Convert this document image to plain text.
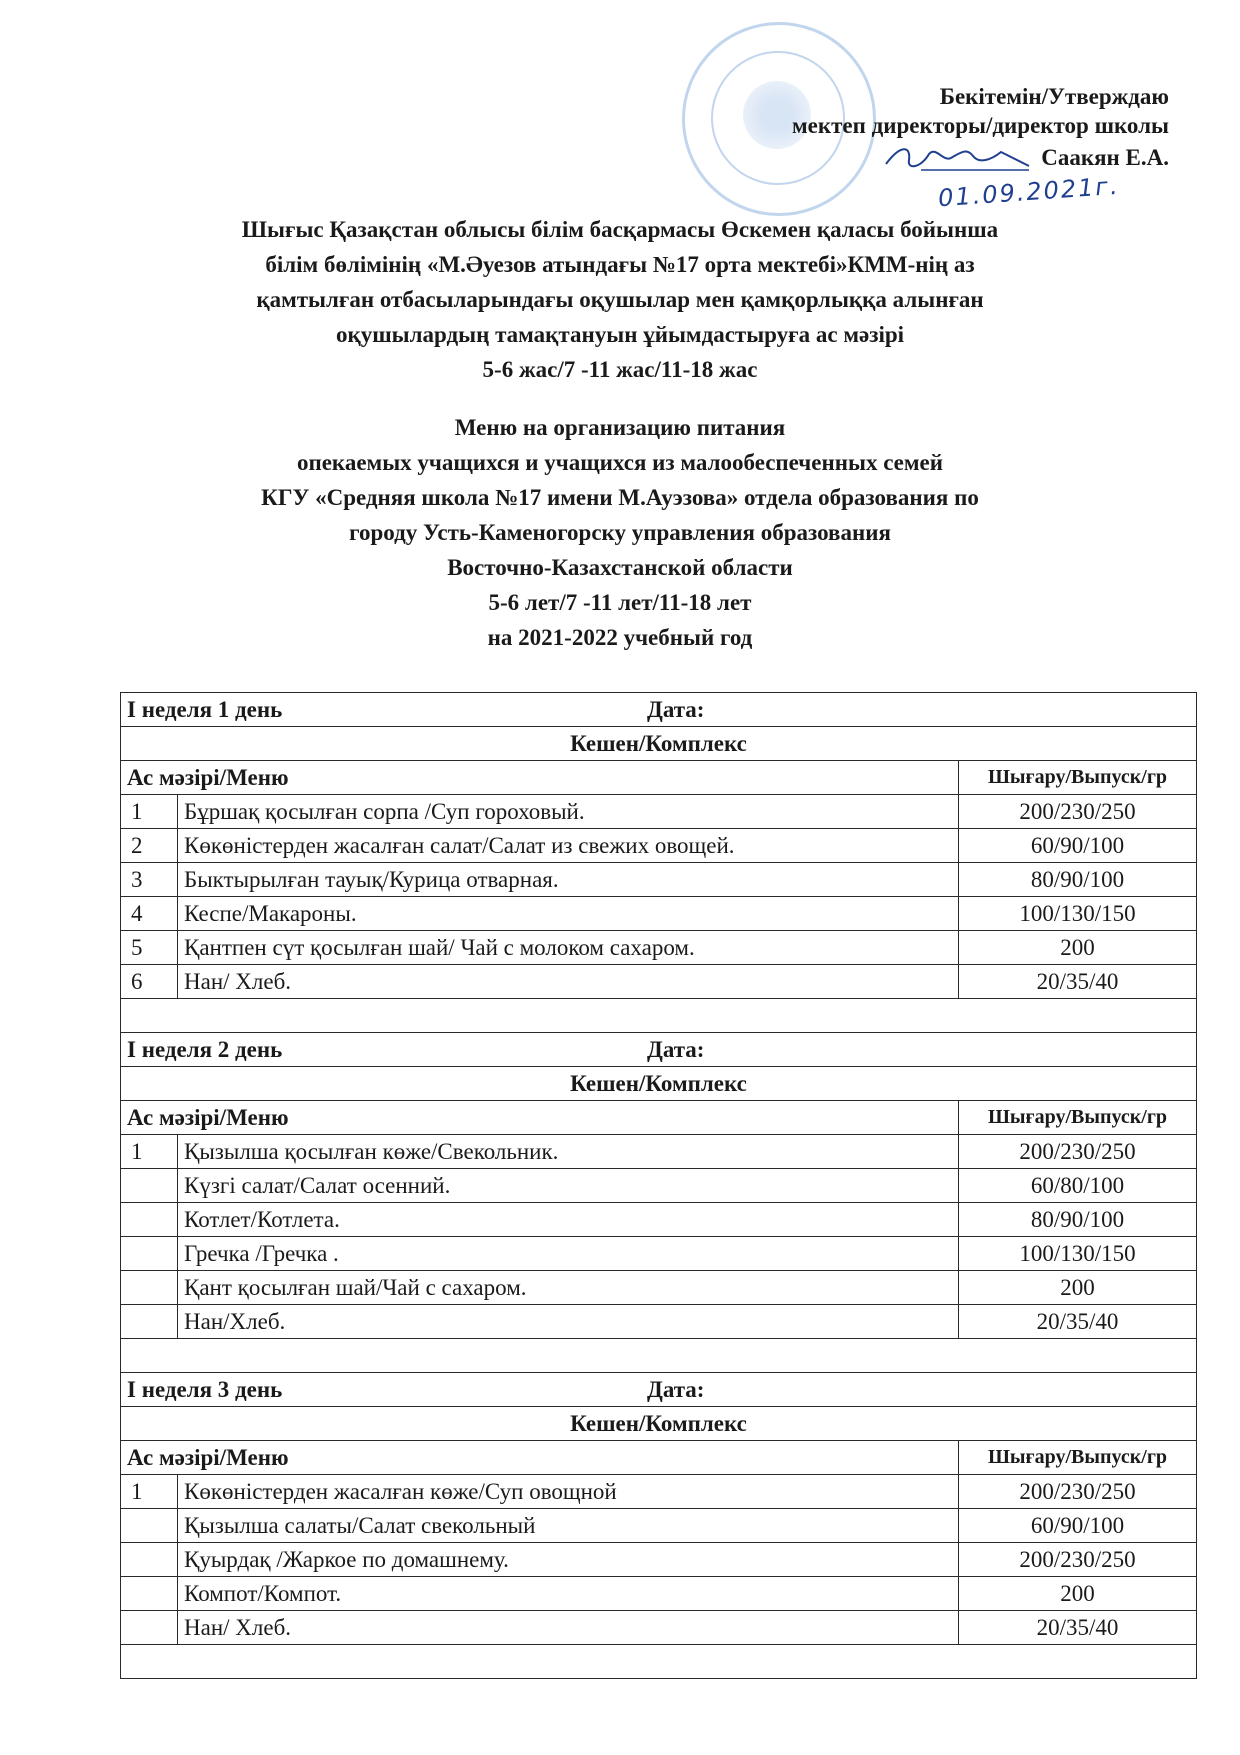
Бекітемін/Утверждаю
мектеп директоры/директор школы
Саакян Е.А.
01.09.2021г.
Шығыс Қазақстан облысы білім басқармасы Өскемен қаласы бойынша
білім бөлімінің «М.Әуезов атындағы №17 орта мектебі»КММ-нің аз
қамтылған отбасыларындағы оқушылар мен қамқорлыққа алынған
оқушылардың тамақтануын ұйымдастыруға ас мәзірі
5-6 жас/7 -11 жас/11-18 жас
Меню на организацию питания
опекаемых учащихся и учащихся из малообеспеченных семей
КГУ «Средняя школа №17 имени М.Ауэзова» отдела образования по
городу Усть-Каменогорску управления образования
Восточно-Казахстанской области
5-6 лет/7 -11 лет/11-18 лет
на 2021-2022 учебный год
I неделя 1 день Дата:		
Кешен/Комплекс		
Ас мәзірі/Меню		Шығару/Выпуск/гр
1	Бұршақ қосылған сорпа /Суп гороховый.	200/230/250
2	Көкөністерден жасалған салат/Салат из свежих овощей.	60/90/100
3	Быктырылған тауық/Курица отварная.	80/90/100
4	Кеспе/Макароны.	100/130/150
5	Қантпен сүт қосылған шай/ Чай с молоком сахаром.	200
6	Нан/ Хлеб.	20/35/40

I неделя 2 день Дата:		
Кешен/Комплекс		
Ас мәзірі/Меню		Шығару/Выпуск/гр
1	Қызылша қосылған көже/Свекольник.	200/230/250
	Күзгі салат/Салат осенний.	60/80/100
	Котлет/Котлета.	80/90/100
	Гречка /Гречка .	100/130/150
	Қант қосылған шай/Чай с сахаром.	200
	Нан/Хлеб.	20/35/40

I неделя 3 день Дата:		
Кешен/Комплекс		
Ас мәзірі/Меню		Шығару/Выпуск/гр
1	Көкөністерден жасалған көже/Суп овощной	200/230/250
	Қызылша салаты/Салат свекольный	60/90/100
	Қуырдақ /Жаркое по домашнему.	200/230/250
	Компот/Компот.	200
	Нан/ Хлеб.	20/35/40
